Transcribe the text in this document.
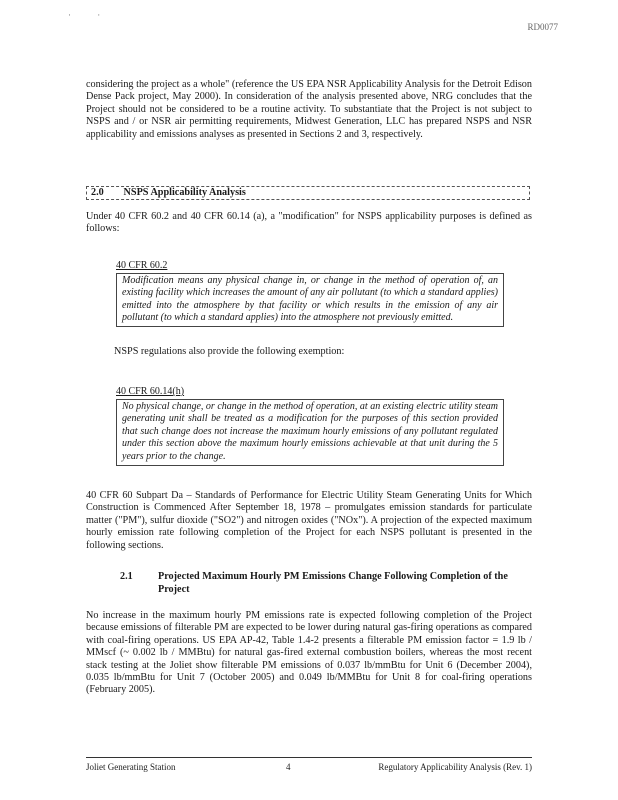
· ·
RD0077
considering the project as a whole" (reference the US EPA NSR Applicability Analysis for the Detroit Edison Dense Pack project, May 2000). In consideration of the analysis presented above, NRG concludes that the Project should not be considered to be a routine activity. To substantiate that the Project is not subject to NSPS and / or NSR air permitting requirements, Midwest Generation, LLC has prepared NSPS and NSR applicability and emissions analyses as presented in Sections 2 and 3, respectively.
2.0 NSPS Applicability Analysis
Under 40 CFR 60.2 and 40 CFR 60.14 (a), a "modification" for NSPS applicability purposes is defined as follows:
40 CFR 60.2
Modification means any physical change in, or change in the method of operation of, an existing facility which increases the amount of any air pollutant (to which a standard applies) emitted into the atmosphere by that facility or which results in the emission of any air pollutant (to which a standard applies) into the atmosphere not previously emitted.
NSPS regulations also provide the following exemption:
40 CFR 60.14(h)
No physical change, or change in the method of operation, at an existing electric utility steam generating unit shall be treated as a modification for the purposes of this section provided that such change does not increase the maximum hourly emissions of any pollutant regulated under this section above the maximum hourly emissions achievable at that unit during the 5 years prior to the change.
40 CFR 60 Subpart Da – Standards of Performance for Electric Utility Steam Generating Units for Which Construction is Commenced After September 18, 1978 – promulgates emission standards for particulate matter ("PM"), sulfur dioxide ("SO2") and nitrogen oxides ("NOx"). A projection of the expected maximum hourly emission rate following completion of the Project for each NSPS pollutant is presented in the following sections.
2.1	Projected Maximum Hourly PM Emissions Change Following Completion of the Project
No increase in the maximum hourly PM emissions rate is expected following completion of the Project because emissions of filterable PM are expected to be lower during natural gas-firing operations as compared with coal-firing operations. US EPA AP-42, Table 1.4-2 presents a filterable PM emission factor = 1.9 lb / MMscf (~ 0.002 lb / MMBtu) for natural gas-fired external combustion boilers, whereas the most recent stack testing at the Joliet show filterable PM emissions of 0.037 lb/mmBtu for Unit 6 (December 2004), 0.035 lb/mmBtu for Unit 7 (October 2005) and 0.049 lb/MMBtu for Unit 8 for coal-firing operations (February 2005).
Joliet Generating Station	4	Regulatory Applicability Analysis (Rev. 1)
